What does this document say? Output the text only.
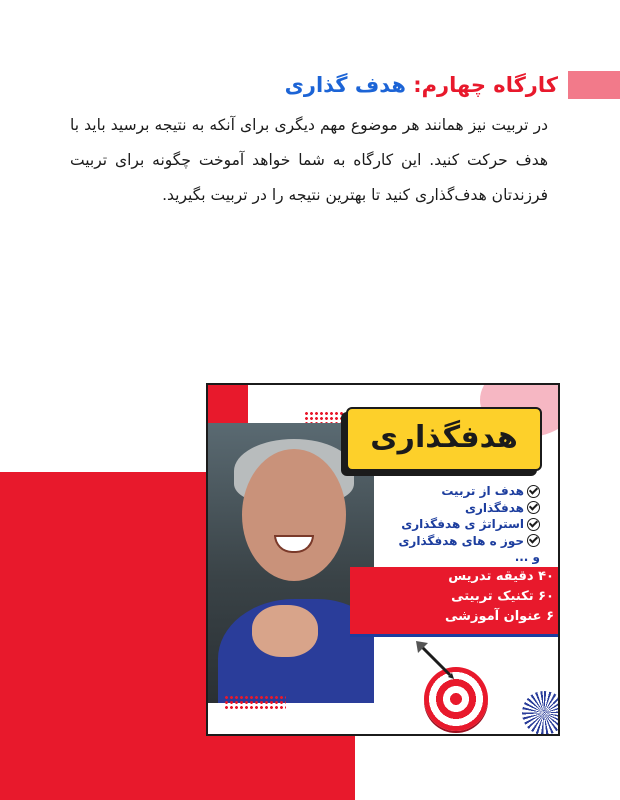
کارگاه چهارم: هدف گذاری
در تربیت نیز همانند هر موضوع مهم دیگری برای آنکه به نتیجه برسید باید با هدف حرکت کنید. این کارگاه به شما خواهد آموخت چگونه برای تربیت فرزندتان هدف‌گذاری کنید تا بهترین نتیجه را در تربیت بگیرید.
هدفگذاری
هدف از تربیت
هدفگذاری
استراتژ ی هدفگذاری
حوز ه های هدفگذاری
و ...
۴۰ دقیقه تدریس
۶۰ تکنیک تربیتی
۶ عنوان آموزشی
